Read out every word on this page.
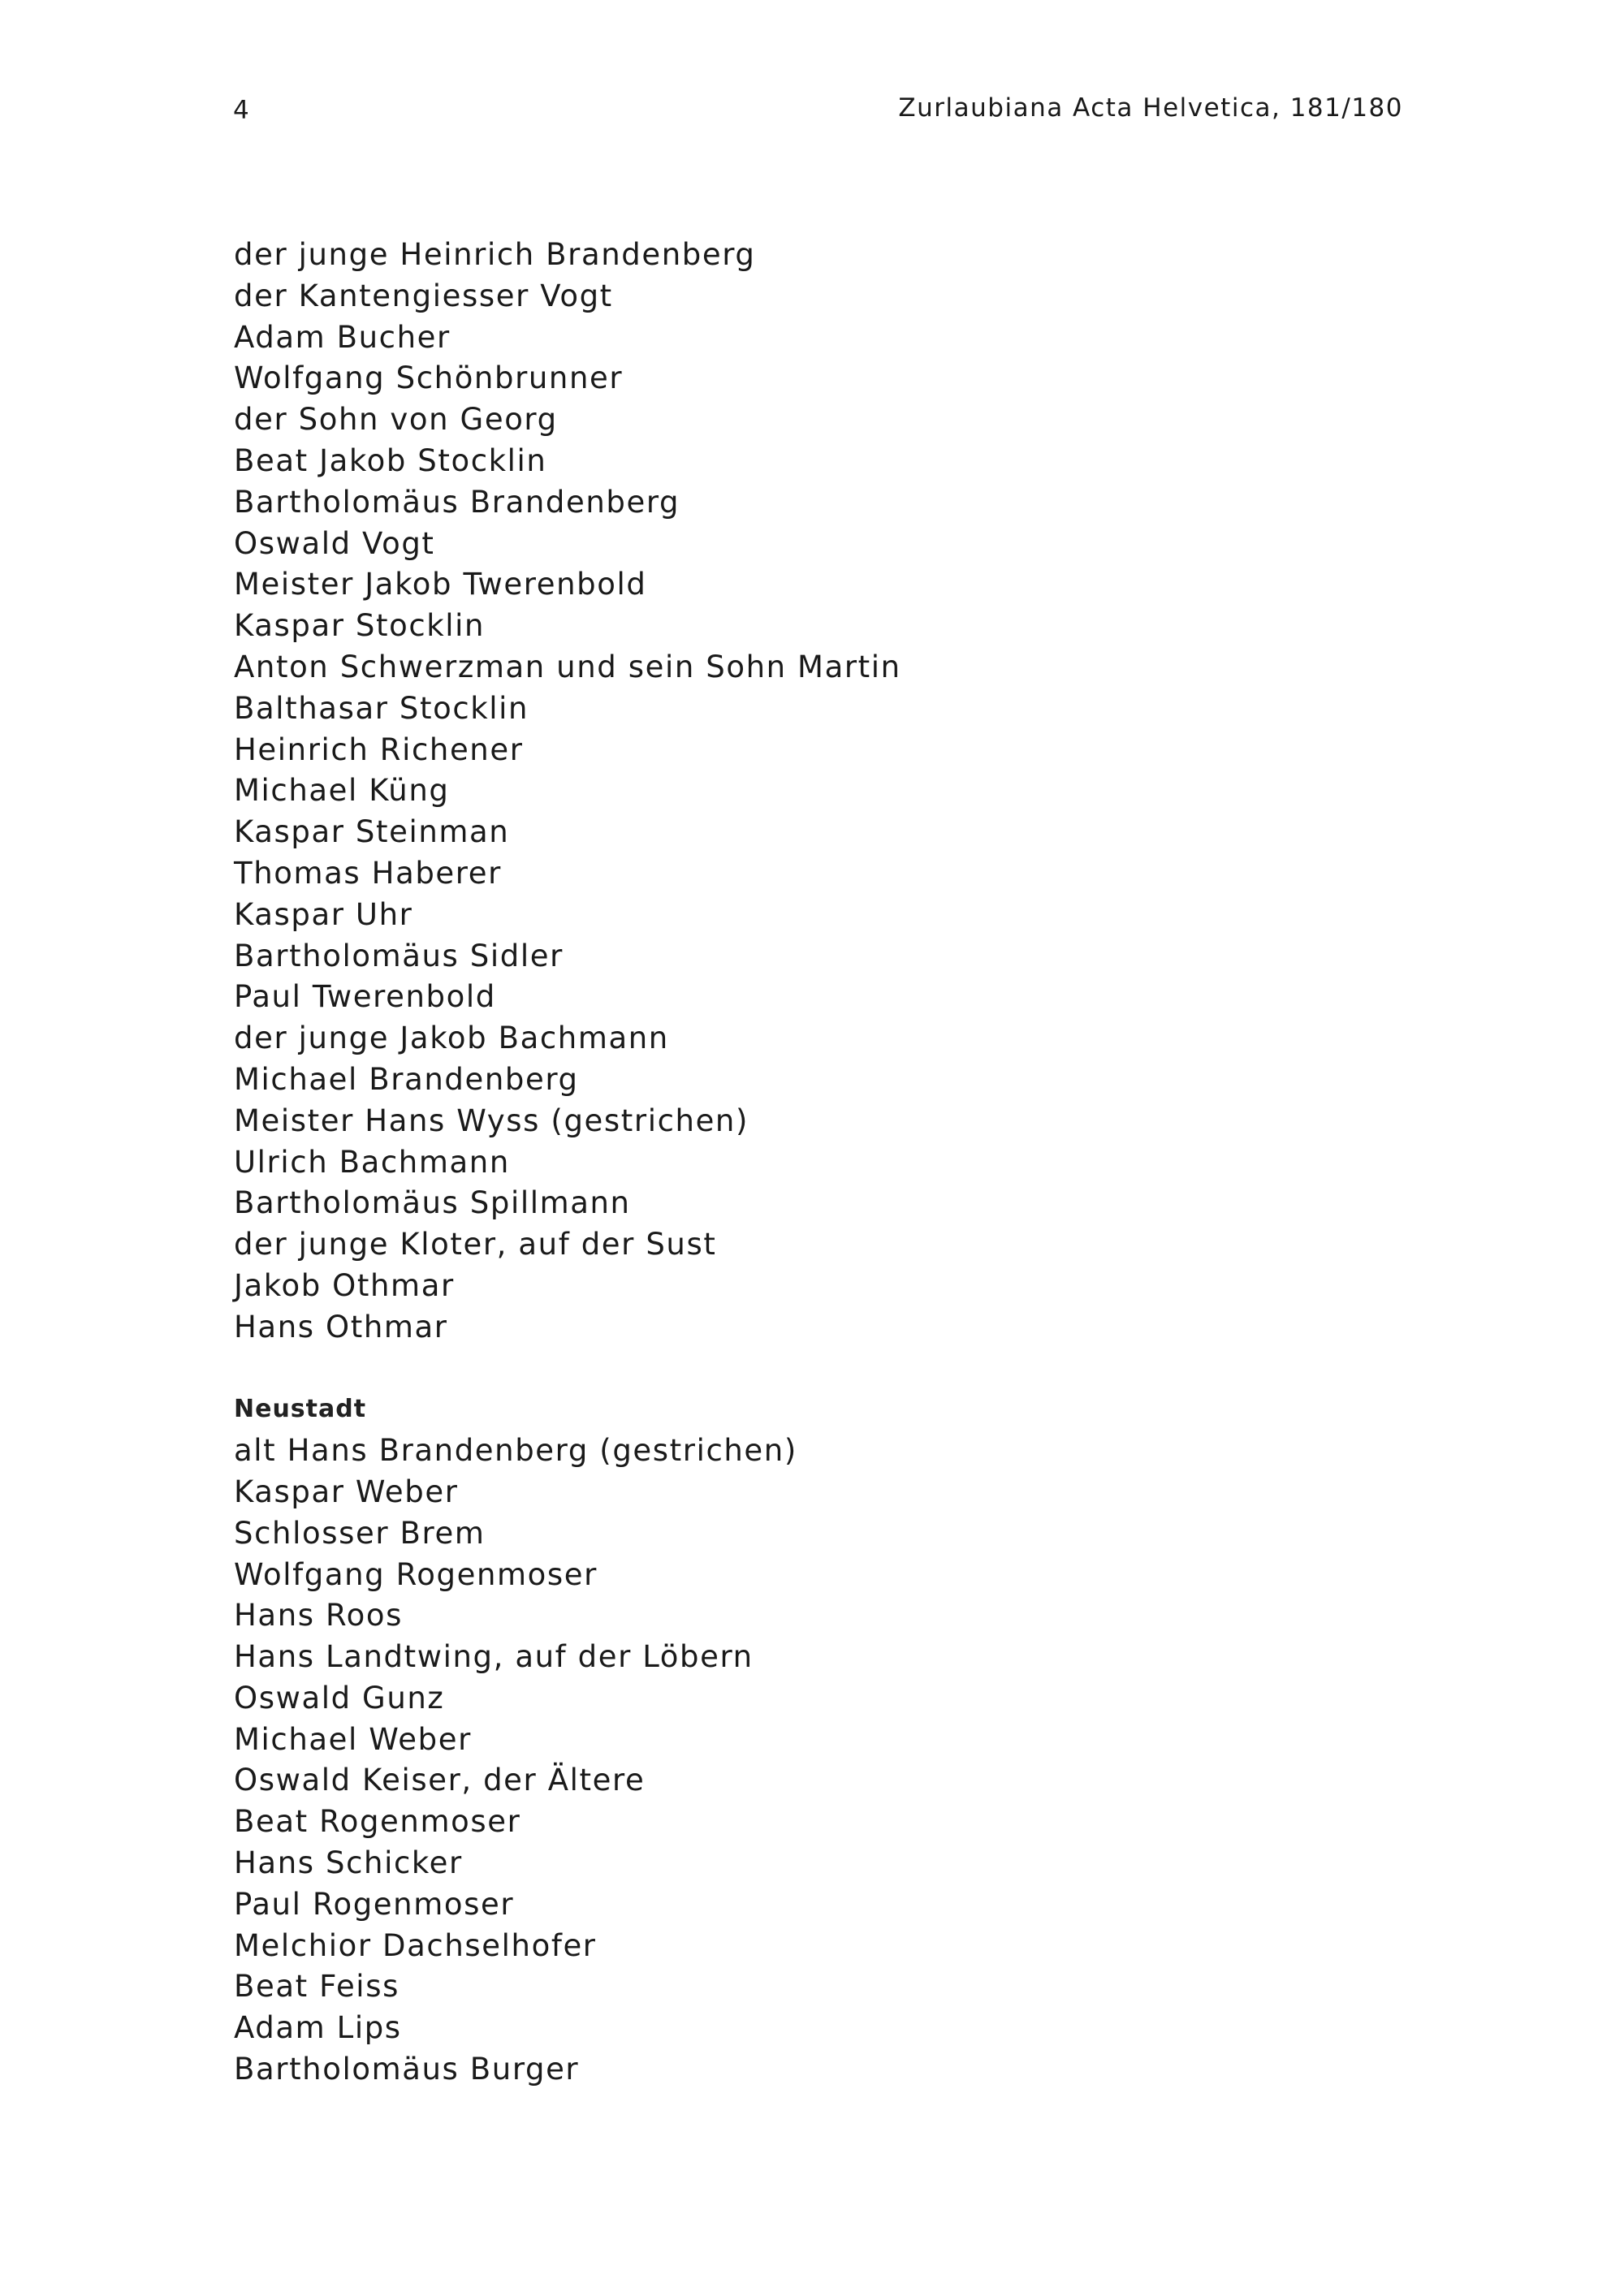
4	Zurlaubiana Acta Helvetica, 181/180
der junge Heinrich Brandenberg
der Kantengiesser Vogt
Adam Bucher
Wolfgang Schönbrunner
der Sohn von Georg
Beat Jakob Stocklin
Bartholomäus Brandenberg
Oswald Vogt
Meister Jakob Twerenbold
Kaspar Stocklin
Anton Schwerzman und sein Sohn Martin
Balthasar Stocklin
Heinrich Richener
Michael Küng
Kaspar Steinman
Thomas Haberer
Kaspar Uhr
Bartholomäus Sidler
Paul Twerenbold
der junge Jakob Bachmann
Michael Brandenberg
Meister Hans Wyss (gestrichen)
Ulrich Bachmann
Bartholomäus Spillmann
der junge Kloter, auf der Sust
Jakob Othmar
Hans Othmar
Neustadt
alt Hans Brandenberg (gestrichen)
Kaspar Weber
Schlosser Brem
Wolfgang Rogenmoser
Hans Roos
Hans Landtwing, auf der Löbern
Oswald Gunz
Michael Weber
Oswald Keiser, der Ältere
Beat Rogenmoser
Hans Schicker
Paul Rogenmoser
Melchior Dachselhofer
Beat Feiss
Adam Lips
Bartholomäus Burger
